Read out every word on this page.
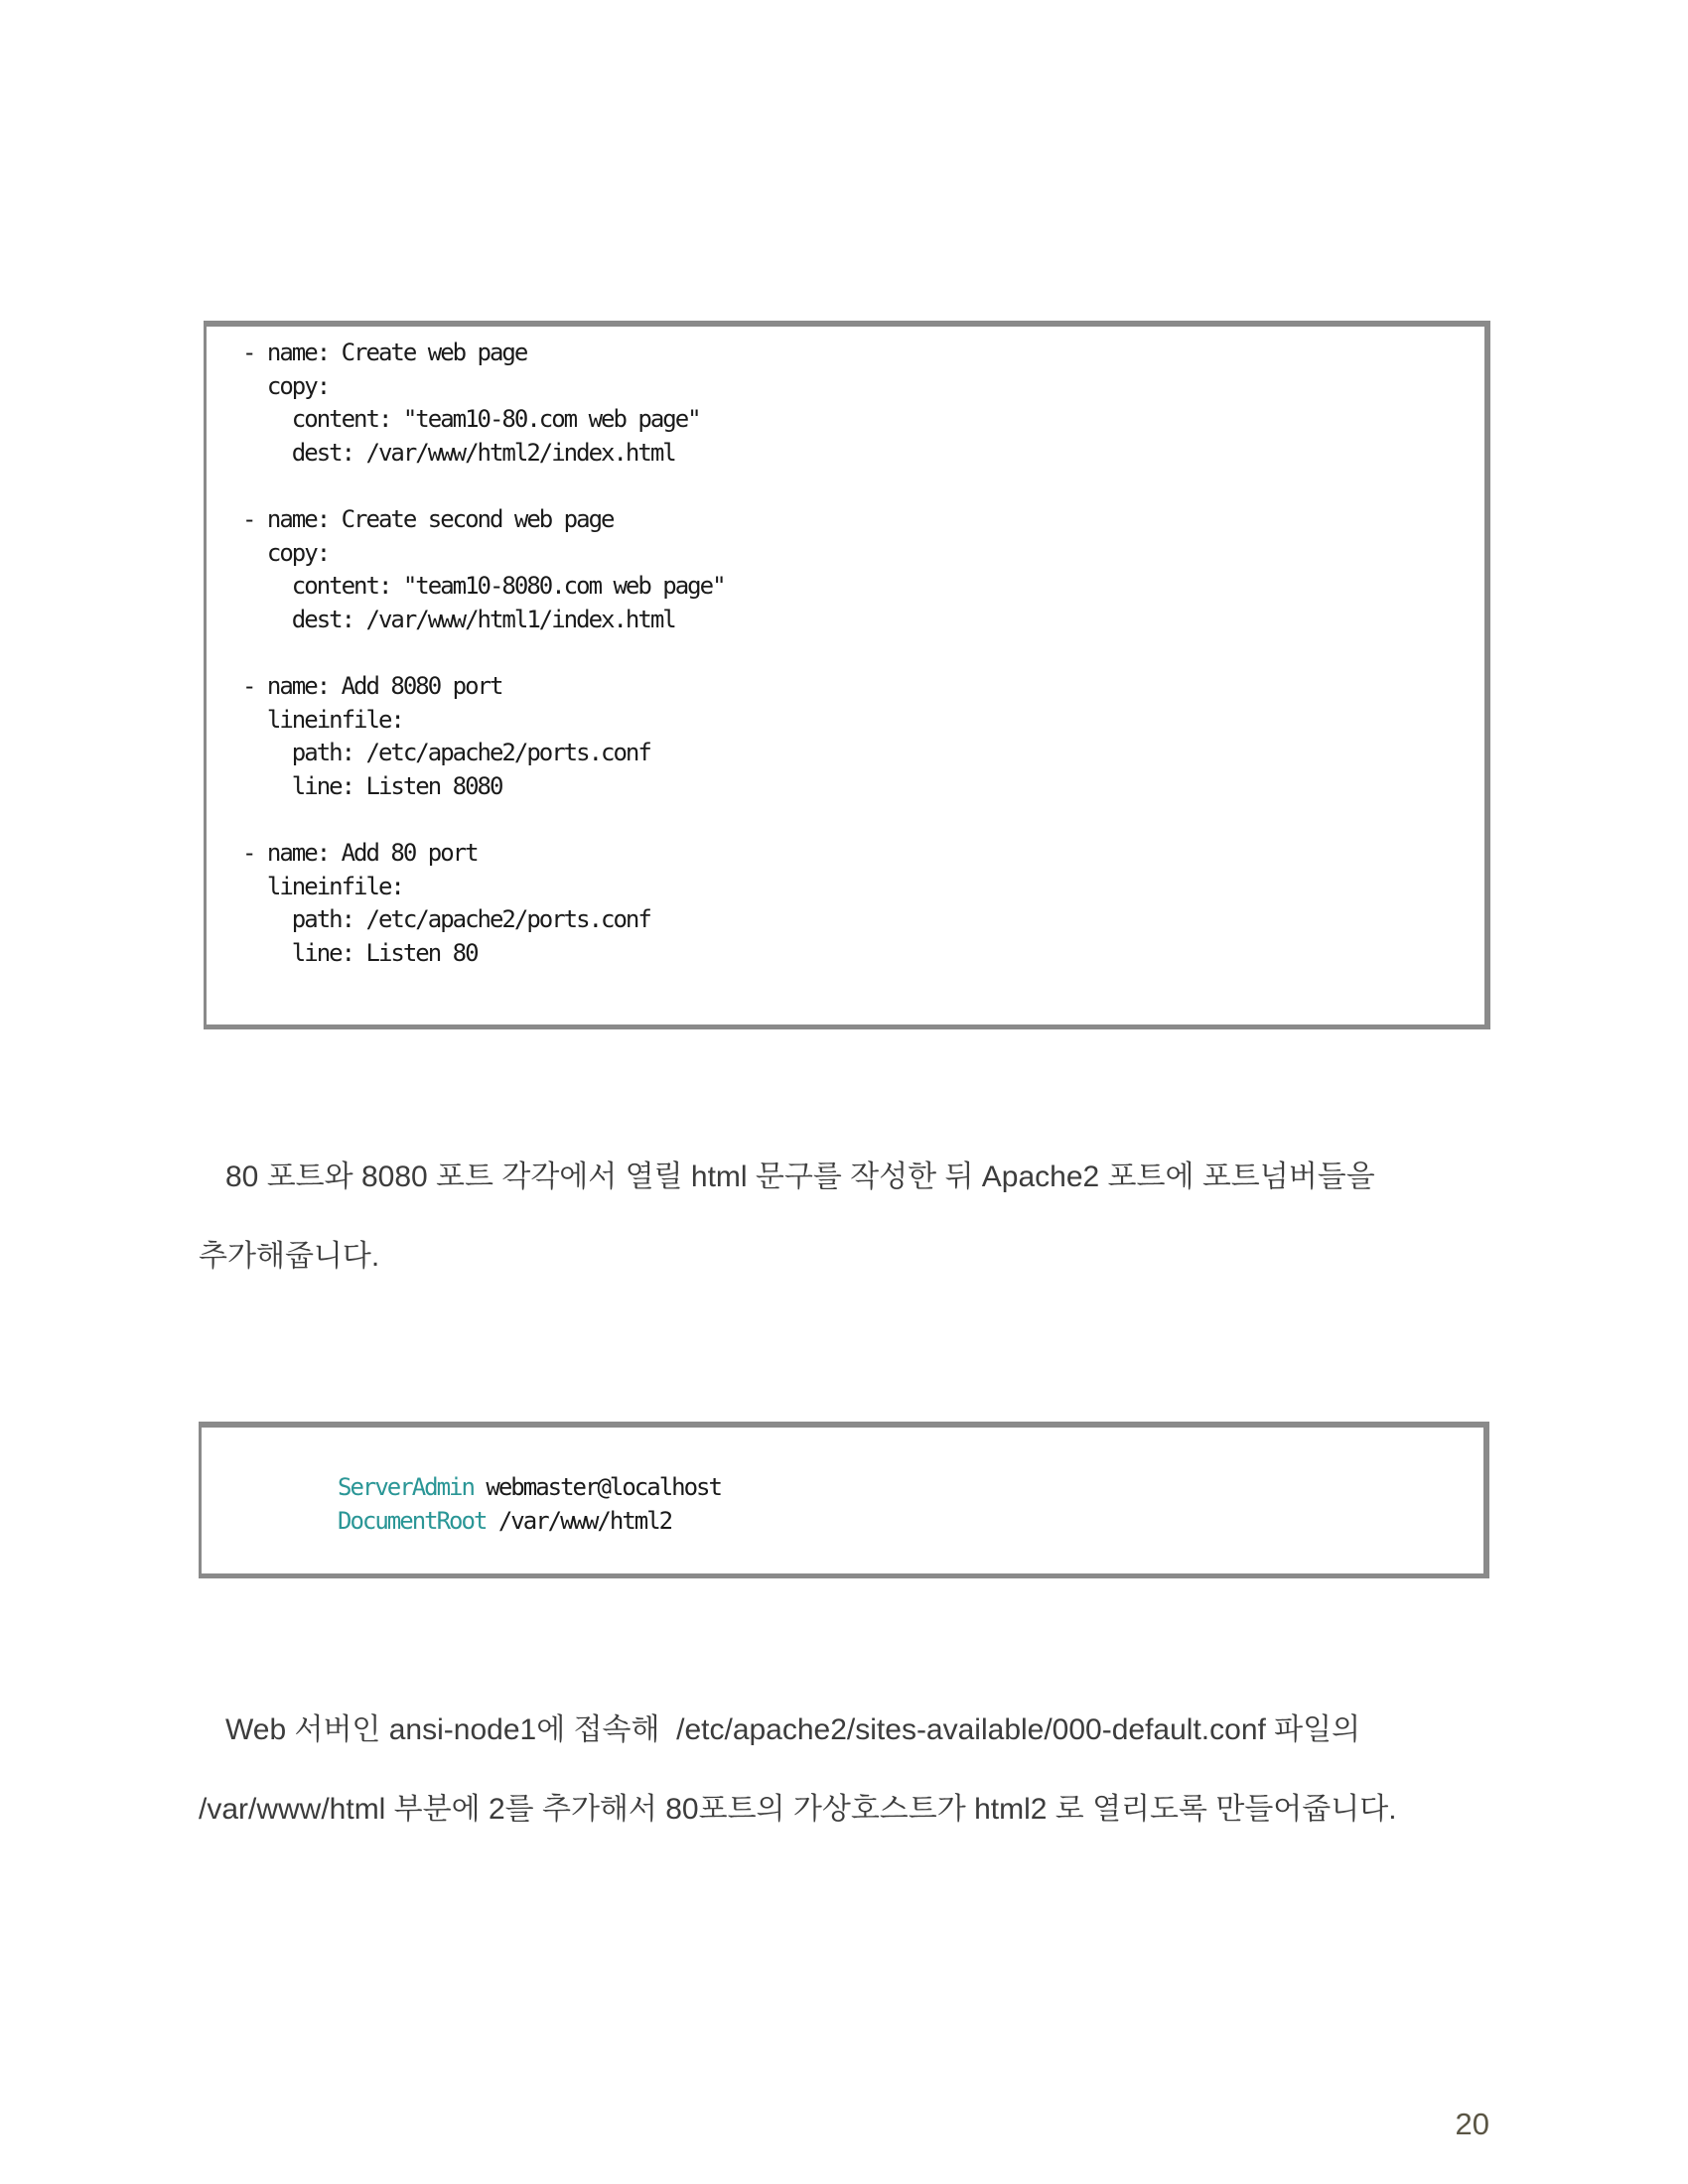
- name: Create web page
copy:
content: "team10-80.com web page"
dest: /var/www/html2/index.html
- name: Create second web page
copy:
content: "team10-8080.com web page"
dest: /var/www/html1/index.html
- name: Add 8080 port
lineinfile:
path: /etc/apache2/ports.conf
line: Listen 8080
- name: Add 80 port
lineinfile:
path: /etc/apache2/ports.conf
line: Listen 80
80 포트와 8080 포트 각각에서 열릴 html 문구를 작성한 뒤 Apache2 포트에 포트넘버들을
추가해줍니다.
ServerAdmin webmaster@localhost
DocumentRoot /var/www/html2
Web 서버인 ansi-node1에 접속해  /etc/apache2/sites-available/000-default.conf 파일의
/var/www/html 부분에 2를 추가해서 80포트의 가상호스트가 html2 로 열리도록 만들어줍니다.
20
